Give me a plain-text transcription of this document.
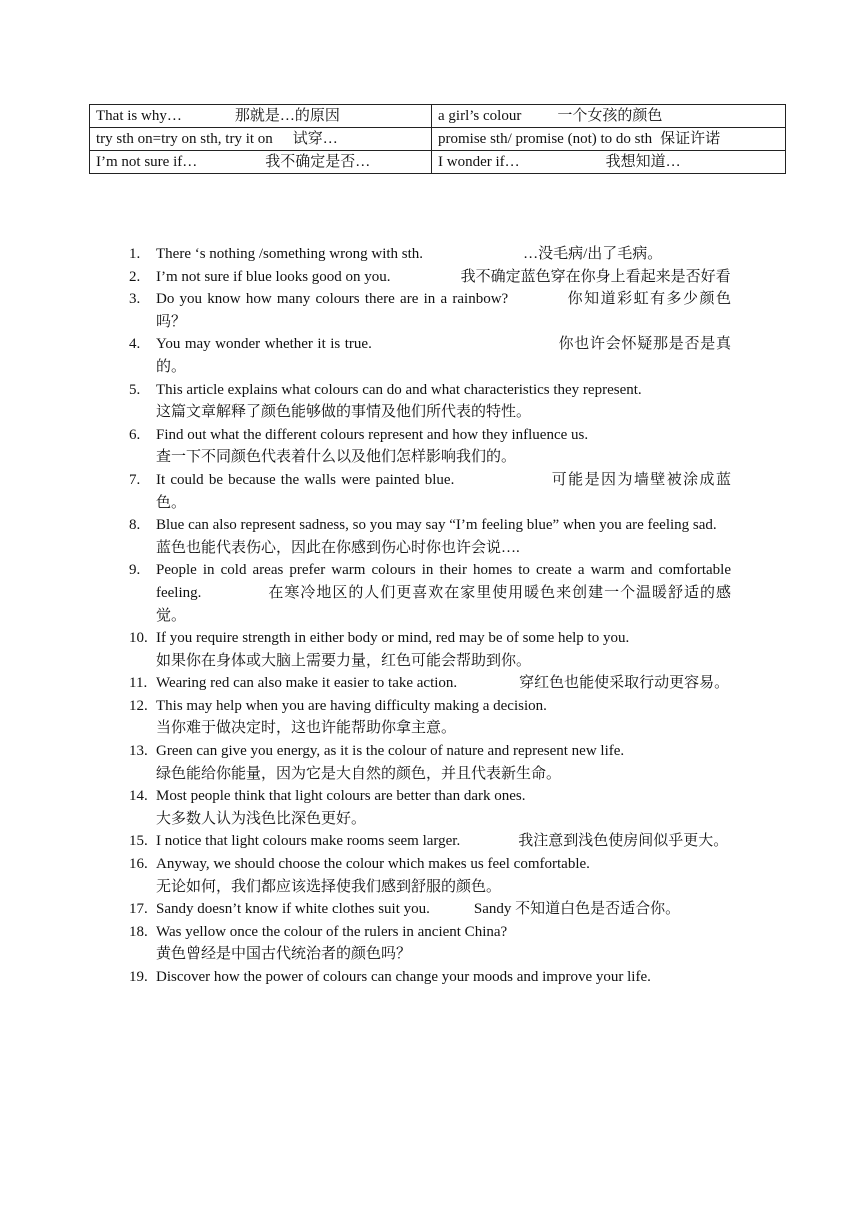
That is why… 那就是…的原因	a girl’s colour 一个女孩的颜色
try sth on=try on sth, try it on 试穿…	promise sth/ promise (not) to do sth 保证许诺
I’m not sure if… 我不确定是否…	I wonder if… 我想知道…
1. There ‘s nothing /something wrong with sth.	…没毛病/出了毛病。
2. I’m not sure if blue looks good on you.	我不确定蓝色穿在你身上看起来是否好看
3. Do you know how many colours there are in a rainbow?	你知道彩虹有多少颜色吗？
4. You may wonder whether it is true.	你也许会怀疑那是否是真的。
5. This article explains what colours can do and what characteristics they represent.
这篇文章解释了颜色能够做的事情及他们所代表的特性。
6. Find out what the different colours represent and how they influence us.
查一下不同颜色代表着什么以及他们怎样影响我们的。
7. It could be because the walls were painted blue.	可能是因为墙壁被涂成蓝色。
8. Blue can also represent sadness, so you may say “I’m feeling blue” when you are feeling sad.
蓝色也能代表伤心，因此在你感到伤心时你也许会说….
9. People in cold areas prefer warm colours in their homes to create a warm and comfortable feeling.	在寒冷地区的人们更喜欢在家里使用暖色来创建一个温暖舒适的感觉。
10. If you require strength in either body or mind, red may be of some help to you.
如果你在身体或大脑上需要力量，红色可能会帮助到你。
11. Wearing red can also make it easier to take action.	穿红色也能使采取行动更容易。
12. This may help when you are having difficulty making a decision.
当你难于做决定时，这也许能帮助你拿主意。
13. Green can give you energy, as it is the colour of nature and represent new life.
绿色能给你能量，因为它是大自然的颜色，并且代表新生命。
14. Most people think that light colours are better than dark ones.
大多数人认为浅色比深色更好。
15. I notice that light colours make rooms seem larger.	我注意到浅色使房间似乎更大。
16. Anyway, we should choose the colour which makes us feel comfortable.
无论如何，我们都应该选择使我们感到舒服的颜色。
17. Sandy doesn’t know if white clothes suit you.	Sandy 不知道白色是否适合你。
18. Was yellow once the colour of the rulers in ancient China?
黄色曾经是中国古代统治者的颜色吗？
19. Discover how the power of colours can change your moods and improve your life.
